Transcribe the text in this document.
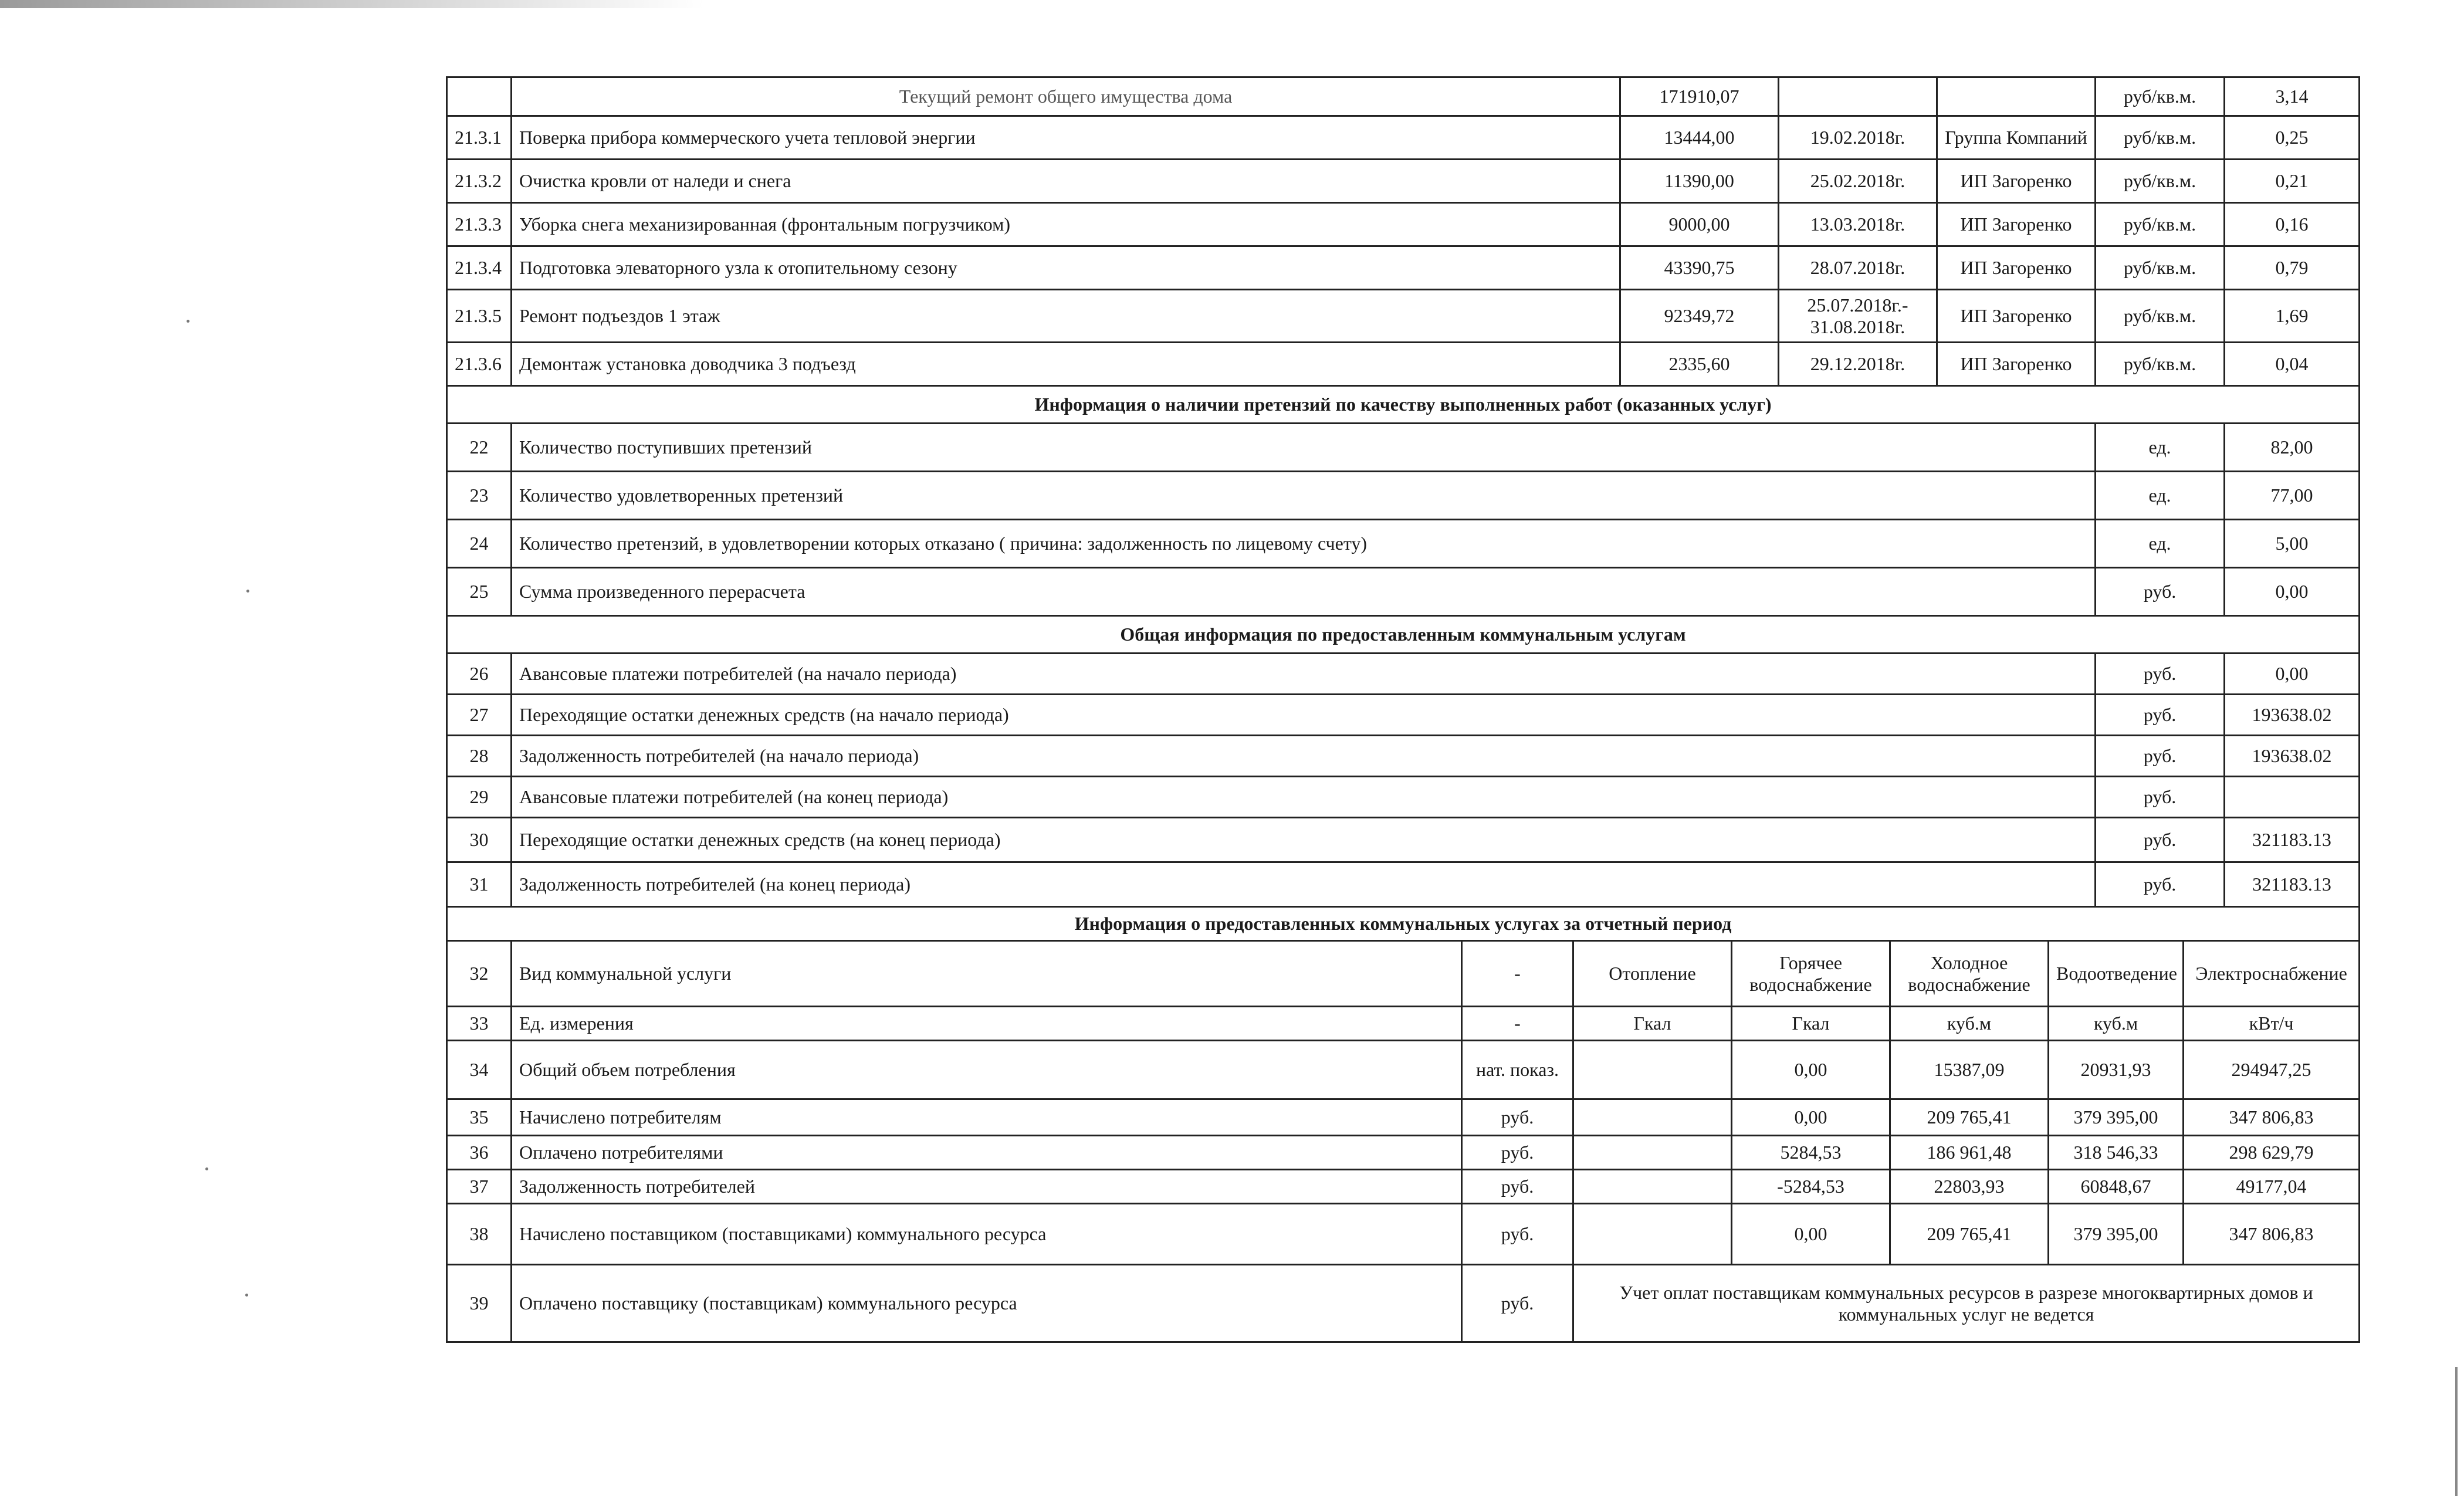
	Текущий ремонт общего имущества дома	171910,07			руб/кв.м.	3,14
21.3.1	Поверка прибора коммерческого учета тепловой энергии	13444,00	19.02.2018г.	Группа Компаний	руб/кв.м.	0,25
21.3.2	Очистка кровли от наледи и снега	11390,00	25.02.2018г.	ИП Загоренко	руб/кв.м.	0,21
21.3.3	Уборка снега механизированная (фронтальным погрузчиком)	9000,00	13.03.2018г.	ИП Загоренко	руб/кв.м.	0,16
21.3.4	Подготовка элеваторного узла к отопительному сезону	43390,75	28.07.2018г.	ИП Загоренко	руб/кв.м.	0,79
21.3.5	Ремонт подъездов 1 этаж	92349,72	25.07.2018г.- 31.08.2018г.	ИП Загоренко	руб/кв.м.	1,69
21.3.6	Демонтаж установка доводчика 3 подъезд	2335,60	29.12.2018г.	ИП Загоренко	руб/кв.м.	0,04
Информация о наличии претензий по качеству выполненных работ (оказанных услуг)			
22	Количество поступивших претензий	ед.	82,00
23	Количество удовлетворенных претензий	ед.	77,00
24	Количество претензий, в удовлетворении которых отказано ( причина: задолженность по лицевому счету)	ед.	5,00
25	Сумма произведенного перерасчета	руб.	0,00
Общая информация по предоставленным коммунальным услугам			
26	Авансовые платежи потребителей (на начало периода)	руб.	0,00
27	Переходящие остатки денежных средств (на начало периода)	руб.	193638.02
28	Задолженность потребителей (на начало периода)	руб.	193638.02
29	Авансовые платежи потребителей (на конец периода)	руб.	
30	Переходящие остатки денежных средств (на конец периода)	руб.	321183.13
31	Задолженность потребителей (на конец периода)	руб.	321183.13
Информация о предоставленных коммунальных услугах за отчетный период							
32	Вид коммунальной услуги	-	Отопление	Горячее водоснабжение	Холодное водоснабжение	Водоотведение	Электроснабжение
33	Ед. измерения	-	Гкал	Гкал	куб.м	куб.м	кВт/ч
34	Общий объем потребления	нат. показ.		0,00	15387,09	20931,93	294947,25
35	Начислено потребителям	руб.		0,00	209 765,41	379 395,00	347 806,83
36	Оплачено потребителями	руб.		5284,53	186 961,48	318 546,33	298 629,79
37	Задолженность потребителей	руб.		-5284,53	22803,93	60848,67	49177,04
38	Начислено поставщиком (поставщиками) коммунального ресурса	руб.		0,00	209 765,41	379 395,00	347 806,83
39	Оплачено поставщику (поставщикам) коммунального ресурса	руб.	Учет оплат поставщикам коммунальных ресурсов в разрезе многоквартирных домов и коммунальных услуг не ведется				
